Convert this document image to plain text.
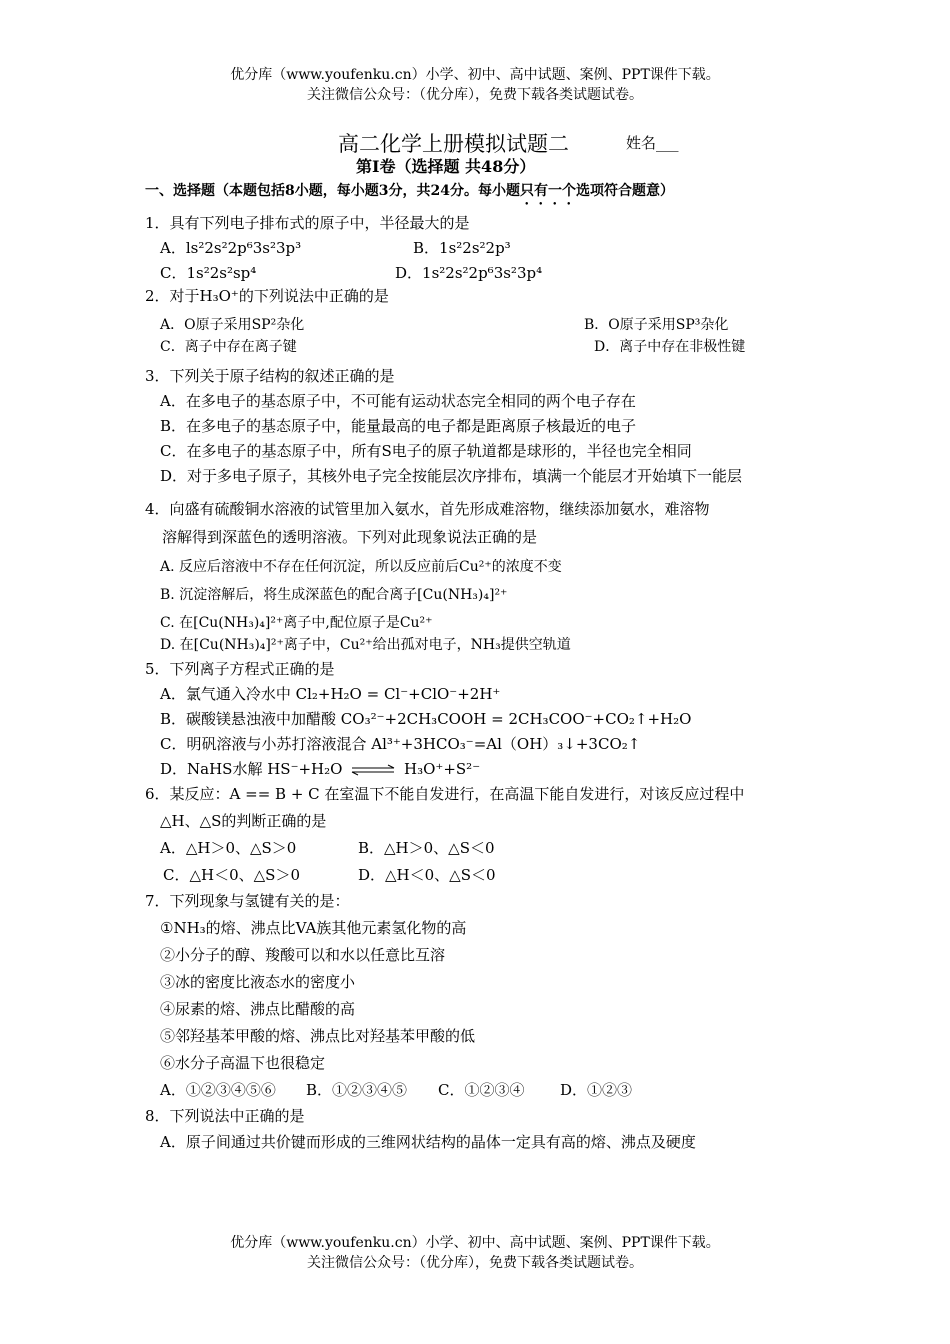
优分库（www.youfenku.cn）小学、初中、高中试题、案例、PPT课件下载。
关注微信公众号：（优分库），免费下载各类试题试卷。
高二化学上册模拟试题二	姓名___
第Ⅰ卷（选择题 共48分）
一、选择题（本题包括8小题，每小题3分，共24分。每小题只有一个选项符合题意）
1．具有下列电子排布式的原子中，半径最大的是
A．ls²2s²2p⁶3s²3p³	B．1s²2s²2p³
C．1s²2s²sp⁴	D．1s²2s²2p⁶3s²3p⁴
2．对于H₃O⁺的下列说法中正确的是
A．O原子采用SP²杂化	B．O原子采用SP³杂化
C．离子中存在离子键	D．离子中存在非极性键
3．下列关于原子结构的叙述正确的是
A．在多电子的基态原子中，不可能有运动状态完全相同的两个电子存在
B．在多电子的基态原子中，能量最高的电子都是距离原子核最近的电子
C．在多电子的基态原子中，所有S电子的原子轨道都是球形的，半径也完全相同
D．对于多电子原子，其核外电子完全按能层次序排布，填满一个能层才开始填下一能层
4．向盛有硫酸铜水溶液的试管里加入氨水，首先形成难溶物，继续添加氨水，难溶物
溶解得到深蓝色的透明溶液。下列对此现象说法正确的是
A. 反应后溶液中不存在任何沉淀，所以反应前后Cu²⁺的浓度不变
B. 沉淀溶解后，将生成深蓝色的配合离子[Cu(NH₃)₄]²⁺
C. 在[Cu(NH₃)₄]²⁺离子中,配位原子是Cu²⁺
D. 在[Cu(NH₃)₄]²⁺离子中，Cu²⁺给出孤对电子，NH₃提供空轨道
5．下列离子方程式正确的是
A．氯气通入冷水中 Cl₂+H₂O = Cl⁻+ClO⁻+2H⁺
B．碳酸镁悬浊液中加醋酸 CO₃²⁻+2CH₃COOH = 2CH₃COO⁻+CO₂↑+H₂O
C．明矾溶液与小苏打溶液混合 Al³⁺+3HCO₃⁻=Al（OH）₃↓+3CO₂↑
D．NaHS水解 HS⁻+H₂O ⇌ H₃O⁺+S²⁻
6．某反应：A == B + C 在室温下不能自发进行，在高温下能自发进行，对该反应过程中
△H、△S的判断正确的是
A．△H＞0、△S＞0	B．△H＞0、△S＜0
C．△H＜0、△S＞0	D．△H＜0、△S＜0
7．下列现象与氢键有关的是：
①NH₃的熔、沸点比VA族其他元素氢化物的高
②小分子的醇、羧酸可以和水以任意比互溶
③冰的密度比液态水的密度小
④尿素的熔、沸点比醋酸的高
⑤邻羟基苯甲酸的熔、沸点比对羟基苯甲酸的低
⑥水分子高温下也很稳定
A．①②③④⑤⑥ B．①②③④⑤ C．①②③④ D．①②③
8．下列说法中正确的是
A．原子间通过共价键而形成的三维网状结构的晶体一定具有高的熔、沸点及硬度
优分库（www.youfenku.cn）小学、初中、高中试题、案例、PPT课件下载。
关注微信公众号：（优分库），免费下载各类试题试卷。
